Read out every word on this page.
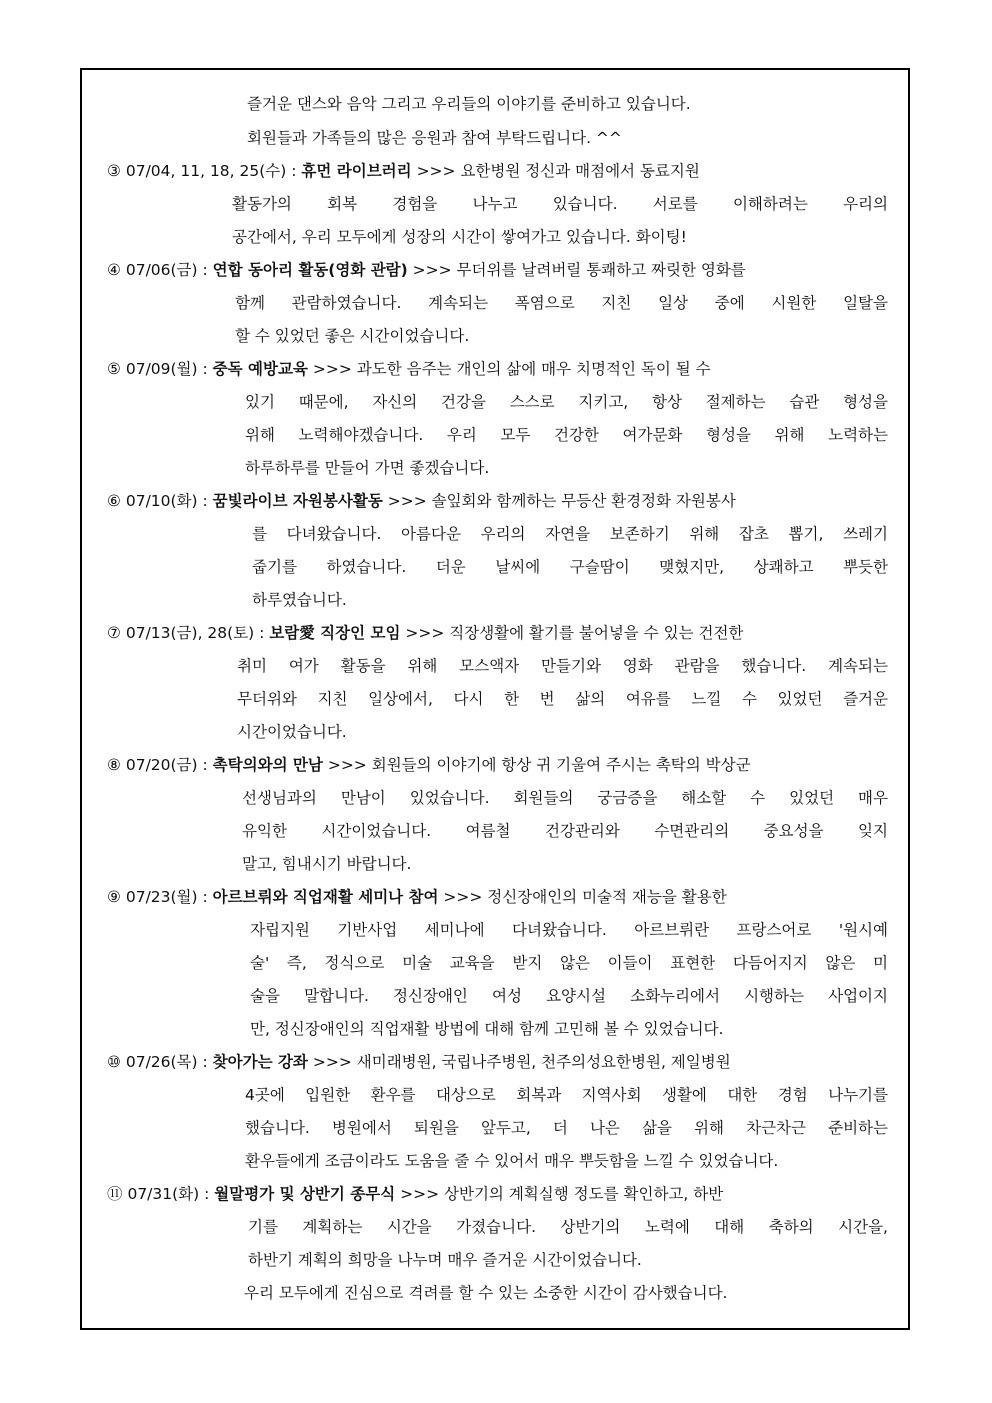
즐거운 댄스와 음악 그리고 우리들의 이야기를 준비하고 있습니다.
회원들과 가족들의 많은 응원과 참여 부탁드립니다. ^^
③ 07/04, 11, 18, 25(수) : 휴먼 라이브러리 >>> 요한병원 정신과 매점에서 동료지원
활동가의 회복 경험을 나누고 있습니다. 서로를 이해하려는 우리의
공간에서, 우리 모두에게 성장의 시간이 쌓여가고 있습니다. 화이팅!
④ 07/06(금) : 연합 동아리 활동(영화 관람) >>> 무더위를 날려버릴 통쾌하고 짜릿한 영화를
함께 관람하였습니다. 계속되는 폭염으로 지친 일상 중에 시원한 일탈을
할 수 있었던 좋은 시간이었습니다.
⑤ 07/09(월) : 중독 예방교육 >>> 과도한 음주는 개인의 삶에 매우 치명적인 독이 될 수
있기 때문에, 자신의 건강을 스스로 지키고, 항상 절제하는 습관 형성을
위해 노력해야겠습니다. 우리 모두 건강한 여가문화 형성을 위해 노력하는
하루하루를 만들어 가면 좋겠습니다.
⑥ 07/10(화) : 꿈빛라이브 자원봉사활동 >>> 솔잎회와 함께하는 무등산 환경정화 자원봉사
를 다녀왔습니다. 아름다운 우리의 자연을 보존하기 위해 잡초 뽑기, 쓰레기
줍기를 하였습니다. 더운 날씨에 구슬땀이 맺혔지만, 상쾌하고 뿌듯한
하루였습니다.
⑦ 07/13(금), 28(토) : 보람愛 직장인 모임 >>> 직장생활에 활기를 불어넣을 수 있는 건전한
취미 여가 활동을 위해 모스액자 만들기와 영화 관람을 했습니다. 계속되는
무더위와 지친 일상에서, 다시 한 번 삶의 여유를 느낄 수 있었던 즐거운
시간이었습니다.
⑧ 07/20(금) : 촉탁의와의 만남 >>> 회원들의 이야기에 항상 귀 기울여 주시는 촉탁의 박상군
선생님과의 만남이 있었습니다. 회원들의 궁금증을 해소할 수 있었던 매우
유익한 시간이었습니다. 여름철 건강관리와 수면관리의 중요성을 잊지
말고, 힘내시기 바랍니다.
⑨ 07/23(월) : 아르브뤼와 직업재활 세미나 참여 >>> 정신장애인의 미술적 재능을 활용한
자립지원 기반사업 세미나에 다녀왔습니다. 아르브뤼란 프랑스어로 '원시예
술' 즉, 정식으로 미술 교육을 받지 않은 이들이 표현한 다듬어지지 않은 미
술을 말합니다. 정신장애인 여성 요양시설 소화누리에서 시행하는 사업이지
만, 정신장애인의 직업재활 방법에 대해 함께 고민해 볼 수 있었습니다.
⑩ 07/26(목) : 찾아가는 강좌 >>> 새미래병원, 국립나주병원, 천주의성요한병원, 제일병원
4곳에 입원한 환우를 대상으로 회복과 지역사회 생활에 대한 경험 나누기를
했습니다. 병원에서 퇴원을 앞두고, 더 나은 삶을 위해 차근차근 준비하는
환우들에게 조금이라도 도움을 줄 수 있어서 매우 뿌듯함을 느낄 수 있었습니다.
⑪ 07/31(화) : 월말평가 및 상반기 종무식 >>> 상반기의 계획실행 정도를 확인하고, 하반
기를 계획하는 시간을 가졌습니다. 상반기의 노력에 대해 축하의 시간을,
하반기 계획의 희망을 나누며 매우 즐거운 시간이었습니다.
우리 모두에게 진심으로 격려를 할 수 있는 소중한 시간이 감사했습니다.
